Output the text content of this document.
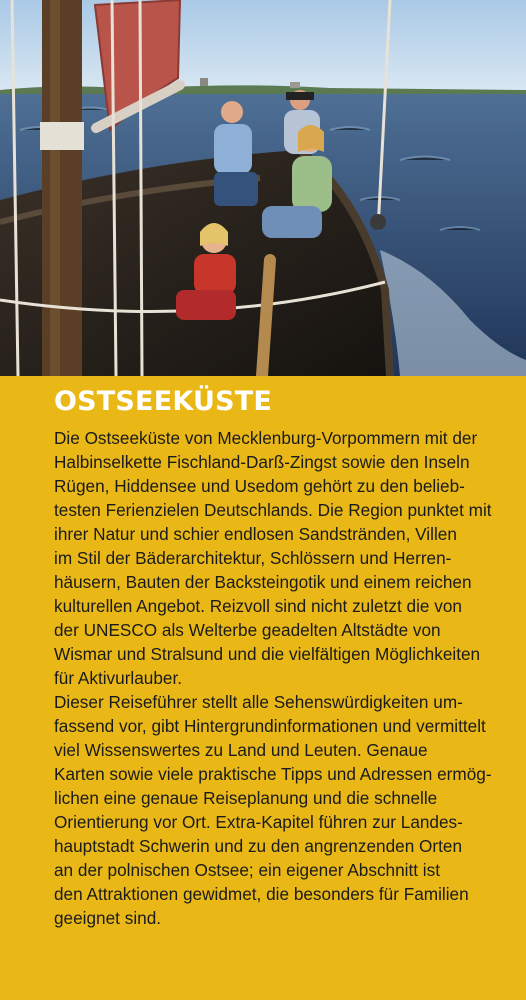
OSTSEEKÜSTE
Die Ostseeküste von Mecklenburg-Vorpommern mit der
Halbinselkette Fischland-Darß-Zingst sowie den Inseln
Rügen, Hiddensee und Usedom gehört zu den belieb-
testen Ferienzielen Deutschlands. Die Region punktet mit
ihrer Natur und schier endlosen Sandstränden, Villen
im Stil der Bäderarchitektur, Schlössern und Herren-
häusern, Bauten der Backsteingotik und einem reichen
kulturellen Angebot. Reizvoll sind nicht zuletzt die von
der UNESCO als Welterbe geadelten Altstädte von
Wismar und Stralsund und die vielfältigen Möglichkeiten
für Aktivurlauber.
Dieser Reiseführer stellt alle Sehenswürdigkeiten um-
fassend vor, gibt Hintergrundinformationen und vermittelt
viel Wissenswertes zu Land und Leuten. Genaue
Karten sowie viele praktische Tipps und Adressen ermög-
lichen eine genaue Reiseplanung und die schnelle
Orientierung vor Ort. Extra-Kapitel führen zur Landes-
hauptstadt Schwerin und zu den angrenzenden Orten
an der polnischen Ostsee; ein eigener Abschnitt ist
den Attraktionen gewidmet, die besonders für Familien
geeignet sind.
